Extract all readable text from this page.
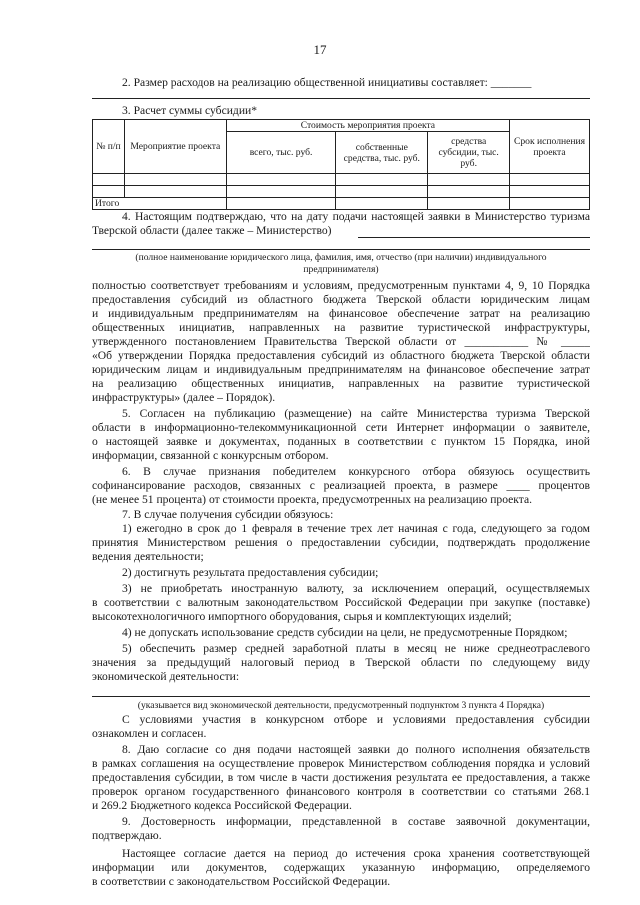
17
2. Размер расходов на реализацию общественной инициативы составляет: _______
3. Расчет суммы субсидии*
№ п/п	Мероприятие проекта	Стоимость мероприятия проекта			Срок исполнения проекта
		всего, тыс. руб.	собственные средства, тыс. руб.	средства субсидии, тыс. руб.	

Итого					
4. Настоящим подтверждаю, что на дату подачи настоящей заявки в Министерство туризма
Тверской области (далее также – Министерство)
(полное наименование юридического лица, фамилия, имя, отчество (при наличии) индивидуального
предпринимателя)
полностью соответствует требованиям и условиям, предусмотренным пунктами 4, 9, 10 Порядка
предоставления субсидий из областного бюджета Тверской области юридическим лицам
и индивидуальным предпринимателям на финансовое обеспечение затрат на реализацию
общественных инициатив, направленных на развитие туристической инфраструктуры,
утвержденного постановлением Правительства Тверской области от ___________ № _____
«Об утверждении Порядка предоставления субсидий из областного бюджета Тверской области
юридическим лицам и индивидуальным предпринимателям на финансовое обеспечение затрат
на реализацию общественных инициатив, направленных на развитие туристической
инфраструктуры» (далее – Порядок).
5. Согласен на публикацию (размещение) на сайте Министерства туризма Тверской
области в информационно-телекоммуникационной сети Интернет информации о заявителе,
о настоящей заявке и документах, поданных в соответствии с пунктом 15 Порядка, иной
информации, связанной с конкурсным отбором.
6. В случае признания победителем конкурсного отбора обязуюсь осуществить
софинансирование расходов, связанных с реализацией проекта, в размере ____ процентов
(не менее 51 процента) от стоимости проекта, предусмотренных на реализацию проекта.
7. В случае получения субсидии обязуюсь:
1) ежегодно в срок до 1 февраля в течение трех лет начиная с года, следующего за годом
принятия Министерством решения о предоставлении субсидии, подтверждать продолжение
ведения деятельности;
2) достигнуть результата предоставления субсидии;
3) не приобретать иностранную валюту, за исключением операций, осуществляемых
в соответствии с валютным законодательством Российской Федерации при закупке (поставке)
высокотехнологичного импортного оборудования, сырья и комплектующих изделий;
4) не допускать использование средств субсидии на цели, не предусмотренные Порядком;
5) обеспечить размер средней заработной платы в месяц не ниже среднеотраслевого
значения за предыдущий налоговый период в Тверской области по следующему виду
экономической деятельности:
(указывается вид экономической деятельности, предусмотренный подпунктом 3 пункта 4 Порядка)
С условиями участия в конкурсном отборе и условиями предоставления субсидии
ознакомлен и согласен.
8. Даю согласие со дня подачи настоящей заявки до полного исполнения обязательств
в рамках соглашения на осуществление проверок Министерством соблюдения порядка и условий
предоставления субсидии, в том числе в части достижения результата ее предоставления, а также
проверок органом государственного финансового контроля в соответствии со статьями 268.1
и 269.2 Бюджетного кодекса Российской Федерации.
9. Достоверность информации, представленной в составе заявочной документации,
подтверждаю.
Настоящее согласие дается на период до истечения срока хранения соответствующей
информации или документов, содержащих указанную информацию, определяемого
в соответствии с законодательством Российской Федерации.
